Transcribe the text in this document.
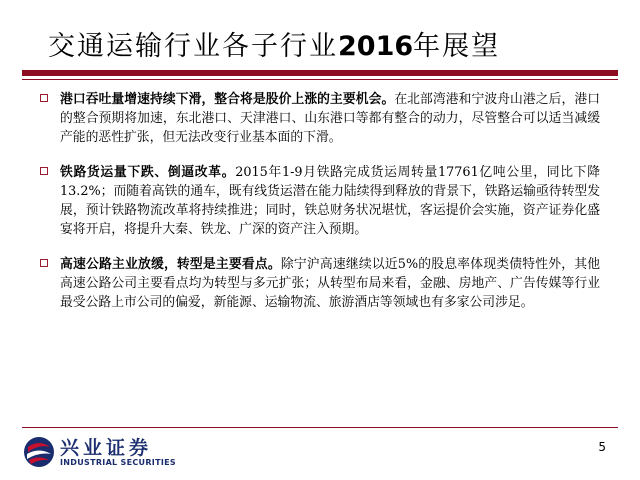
交通运输行业各子行业2016年展望
港口吞吐量增速持续下滑，整合将是股价上涨的主要机会。在北部湾港和宁波舟山港之后，港口的整合预期将加速，东北港口、天津港口、山东港口等都有整合的动力，尽管整合可以适当减缓产能的恶性扩张，但无法改变行业基本面的下滑。
铁路货运量下跌、倒逼改革。2015年1-9月铁路完成货运周转量17761亿吨公里，同比下降13.2%；而随着高铁的通车，既有线货运潜在能力陆续得到释放的背景下，铁路运输亟待转型发展，预计铁路物流改革将持续推进；同时，铁总财务状况堪忧，客运提价会实施，资产证券化盛宴将开启，将提升大秦、铁龙、广深的资产注入预期。
高速公路主业放缓，转型是主要看点。除宁沪高速继续以近5%的股息率体现类债特性外，其他高速公路公司主要看点均为转型与多元扩张；从转型布局来看，金融、房地产、广告传媒等行业最受公路上市公司的偏爱，新能源、运输物流、旅游酒店等领域也有多家公司涉足。
兴业证券
INDUSTRIAL SECURITIES
5
